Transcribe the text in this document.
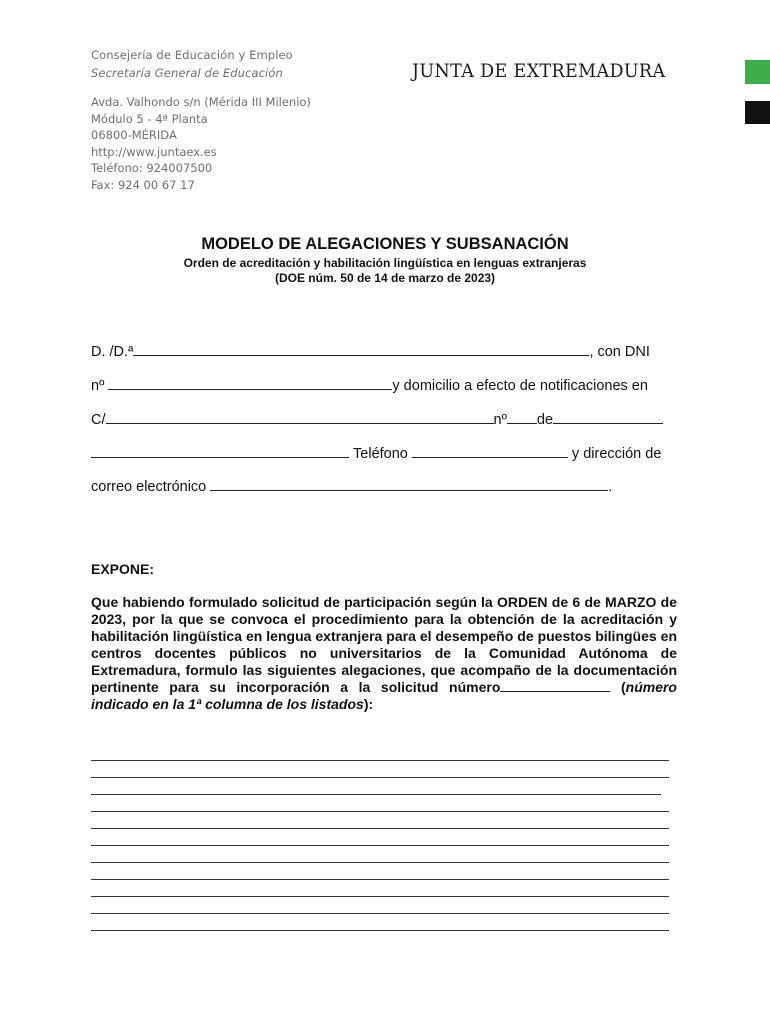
Consejería de Educación y Empleo
Secretaría General de Educación	JUNTA DE EXTREMADURA
Avda. Valhondo s/n (Mérida III Milenio)
Módulo 5 - 4ª Planta
06800-MÉRIDA
http://www.juntaex.es
Teléfono: 924007500
Fax: 924 00 67 17
MODELO DE ALEGACIONES Y SUBSANACIÓN
Orden de acreditación y habilitación lingüística en lenguas extranjeras
(DOE núm. 50 de 14 de marzo de 2023)
D. /D.ª	, con DNI
nº	y domicilio a efecto de notificaciones en
C/	nº de
Teléfono	y dirección de
correo electrónico	.
EXPONE:
Que habiendo formulado solicitud de participación según la ORDEN de 6 de MARZO de 2023, por la que se convoca el procedimiento para la obtención de la acreditación y habilitación lingüística en lengua extranjera para el desempeño de puestos bilingües en centros docentes públicos no universitarios de la Comunidad Autónoma de Extremadura, formulo las siguientes alegaciones, que acompaño de la documentación pertinente para su incorporación a la solicitud número	(número indicado en la 1ª columna de los listados):
